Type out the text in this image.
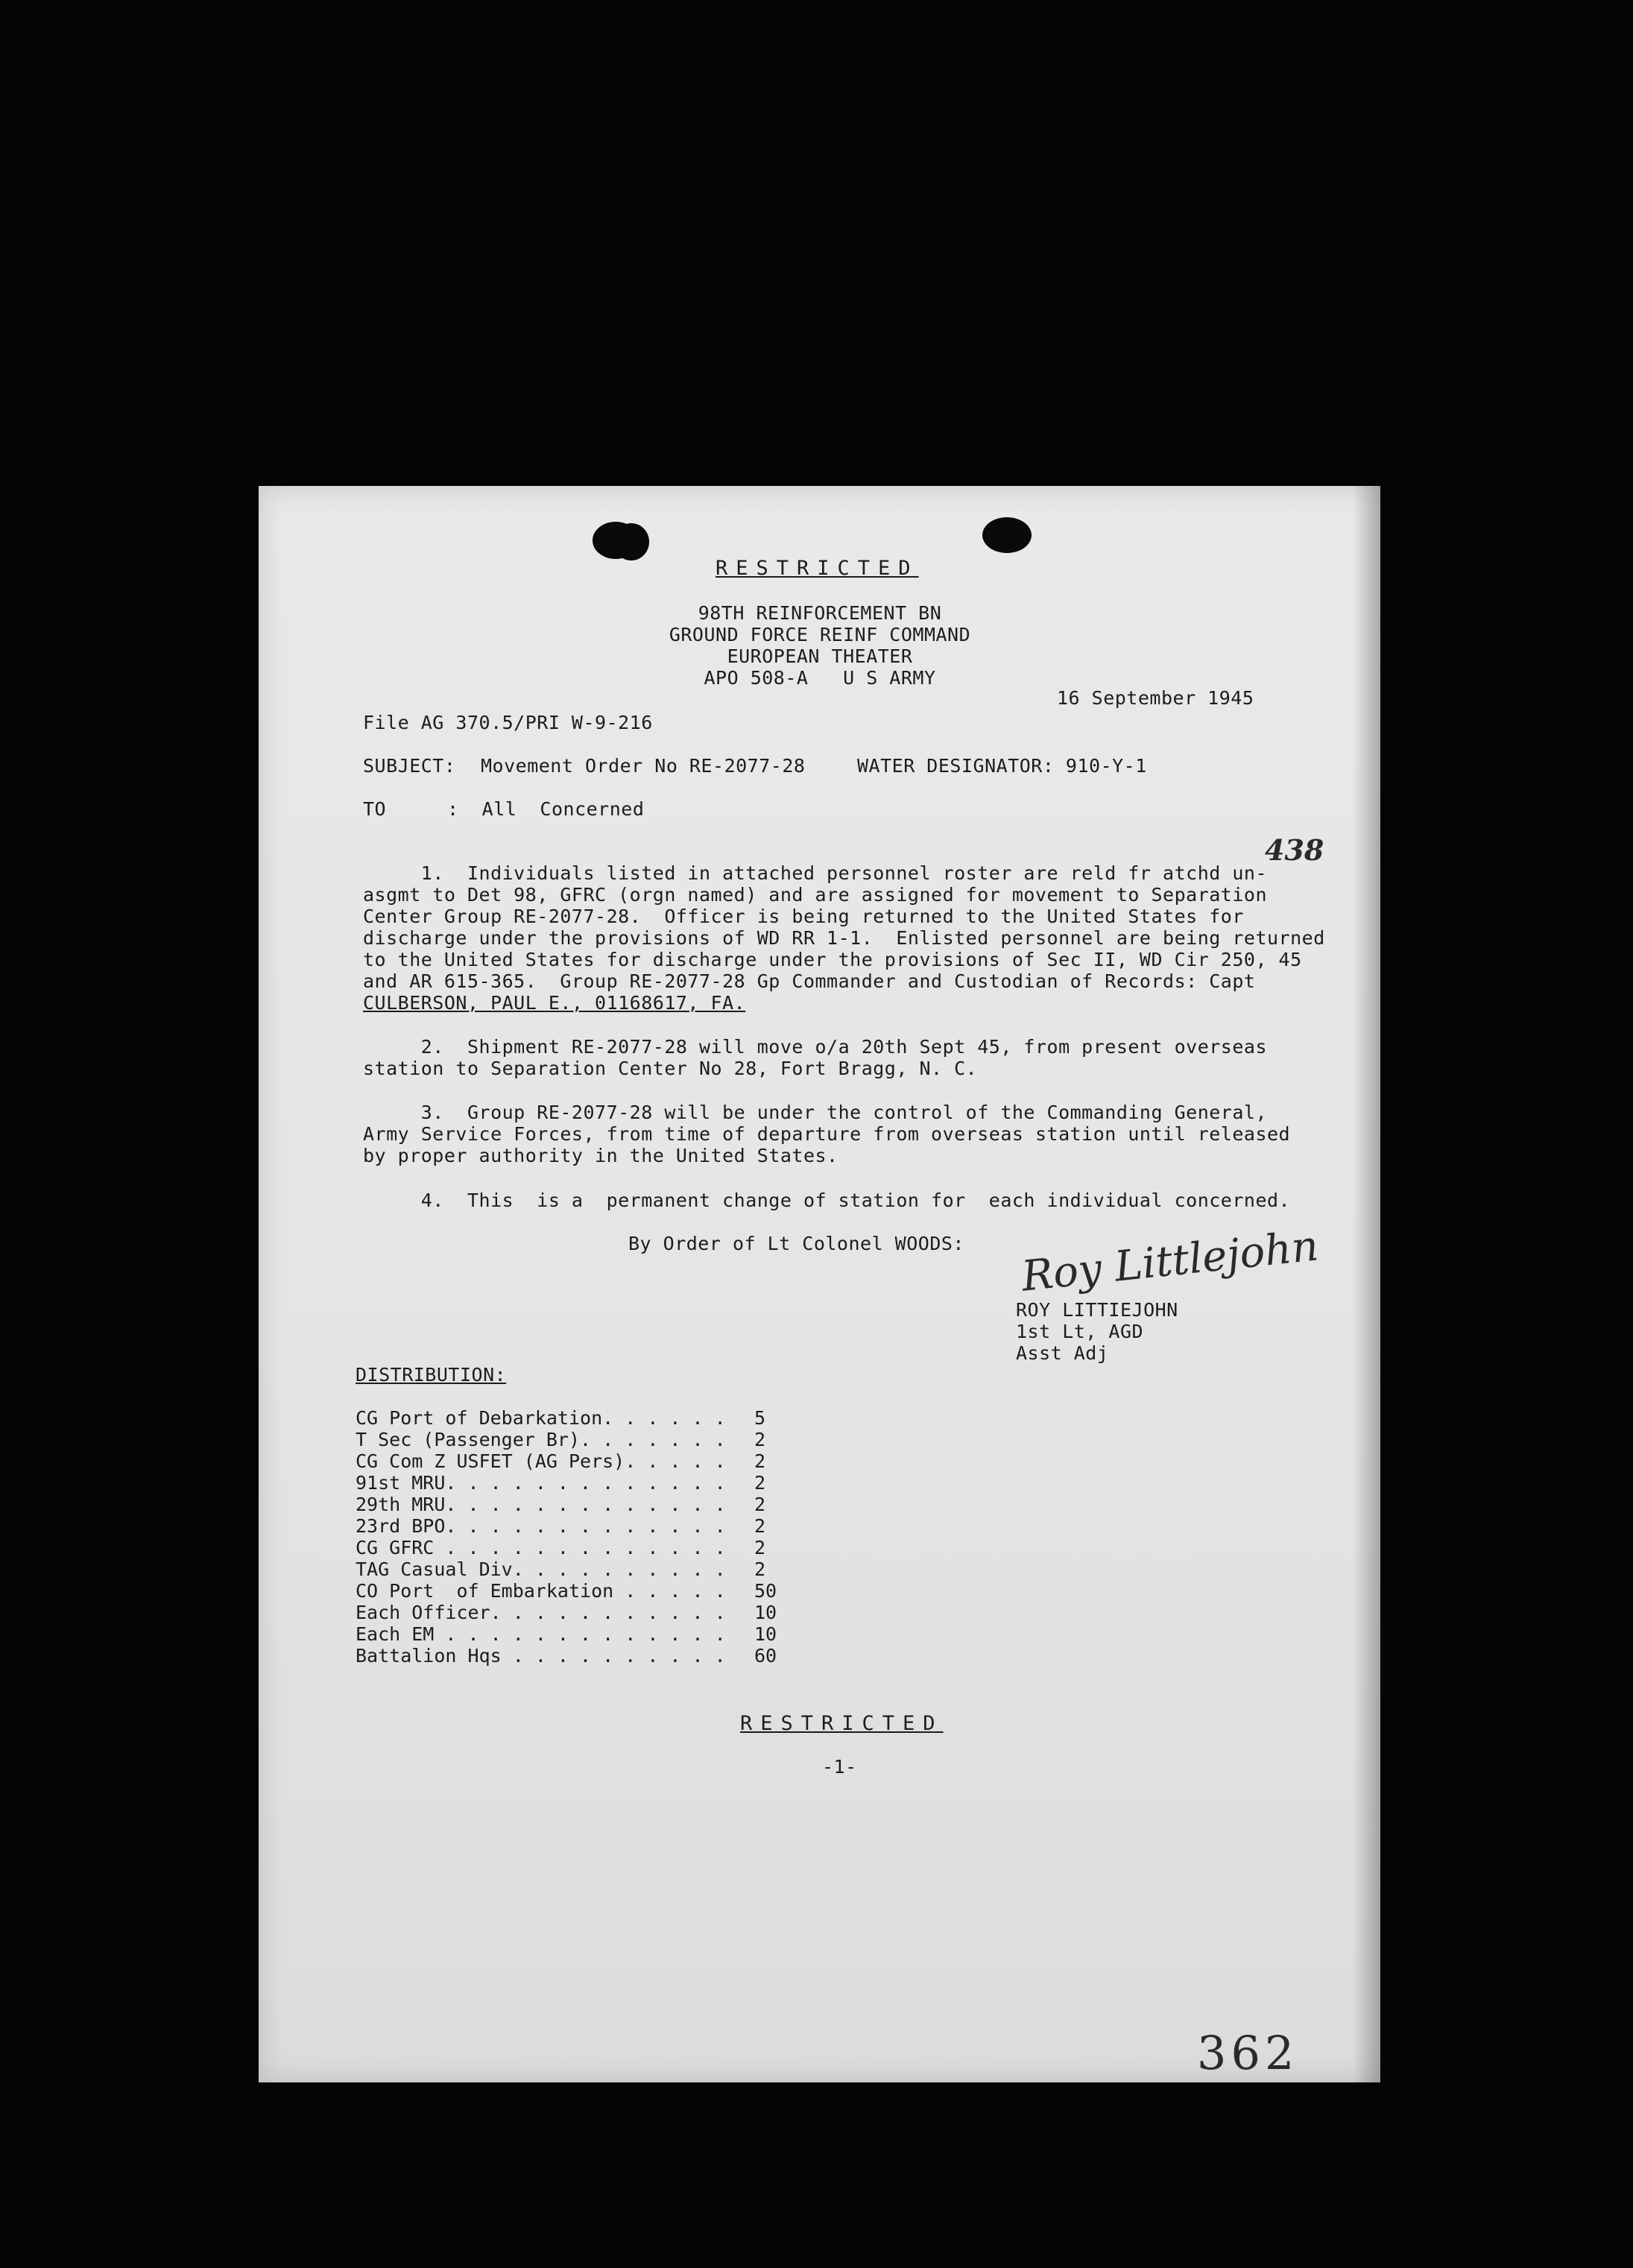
RESTRICTED
98TH REINFORCEMENT BN
GROUND FORCE REINF COMMAND
EUROPEAN THEATER
APO 508-A   U S ARMY
16 September 1945
File AG 370.5/PRI W-9-216
SUBJECT: Movement Order No RE-2077-28	WATER DESIGNATOR: 910-Y-1
TO	:  All  Concerned
438
1.  Individuals listed in attached personnel roster are reld fr atchd un-
asgmt to Det 98, GFRC (orgn named) and are assigned for movement to Separation
Center Group RE-2077-28.  Officer is being returned to the United States for
discharge under the provisions of WD RR 1-1.  Enlisted personnel are being returned
to the United States for discharge under the provisions of Sec II, WD Cir 250, 45
and AR 615-365.  Group RE-2077-28 Gp Commander and Custodian of Records: Capt
CULBERSON, PAUL E., 01168617, FA.
2.  Shipment RE-2077-28 will move o/a 20th Sept 45, from present overseas
station to Separation Center No 28, Fort Bragg, N. C.
3.  Group RE-2077-28 will be under the control of the Commanding General,
Army Service Forces, from time of departure from overseas station until released
by proper authority in the United States.
4.  This  is a  permanent change of station for  each individual concerned.
By Order of Lt Colonel WOODS: Roy Littlejohn
ROY LITTIEJOHN
1st Lt, AGD
Asst Adj
DISTRIBUTION:
CG Port of Debarkation. . . . . . 5
T Sec (Passenger Br). . . . . . . 2
CG Com Z USFET (AG Pers). . . . . 2
91st MRU. . . . . . . . . . . . . 2
29th MRU. . . . . . . . . . . . . 2
23rd BPO. . . . . . . . . . . . . 2
CG GFRC . . . . . . . . . . . . . 2
TAG Casual Div. . . . . . . . . . 2
CO Port  of Embarkation . . . . . 50
Each Officer. . . . . . . . . . . 10
Each EM . . . . . . . . . . . . . 10
Battalion Hqs . . . . . . . . . . 60
RESTRICTED
-1-
362
